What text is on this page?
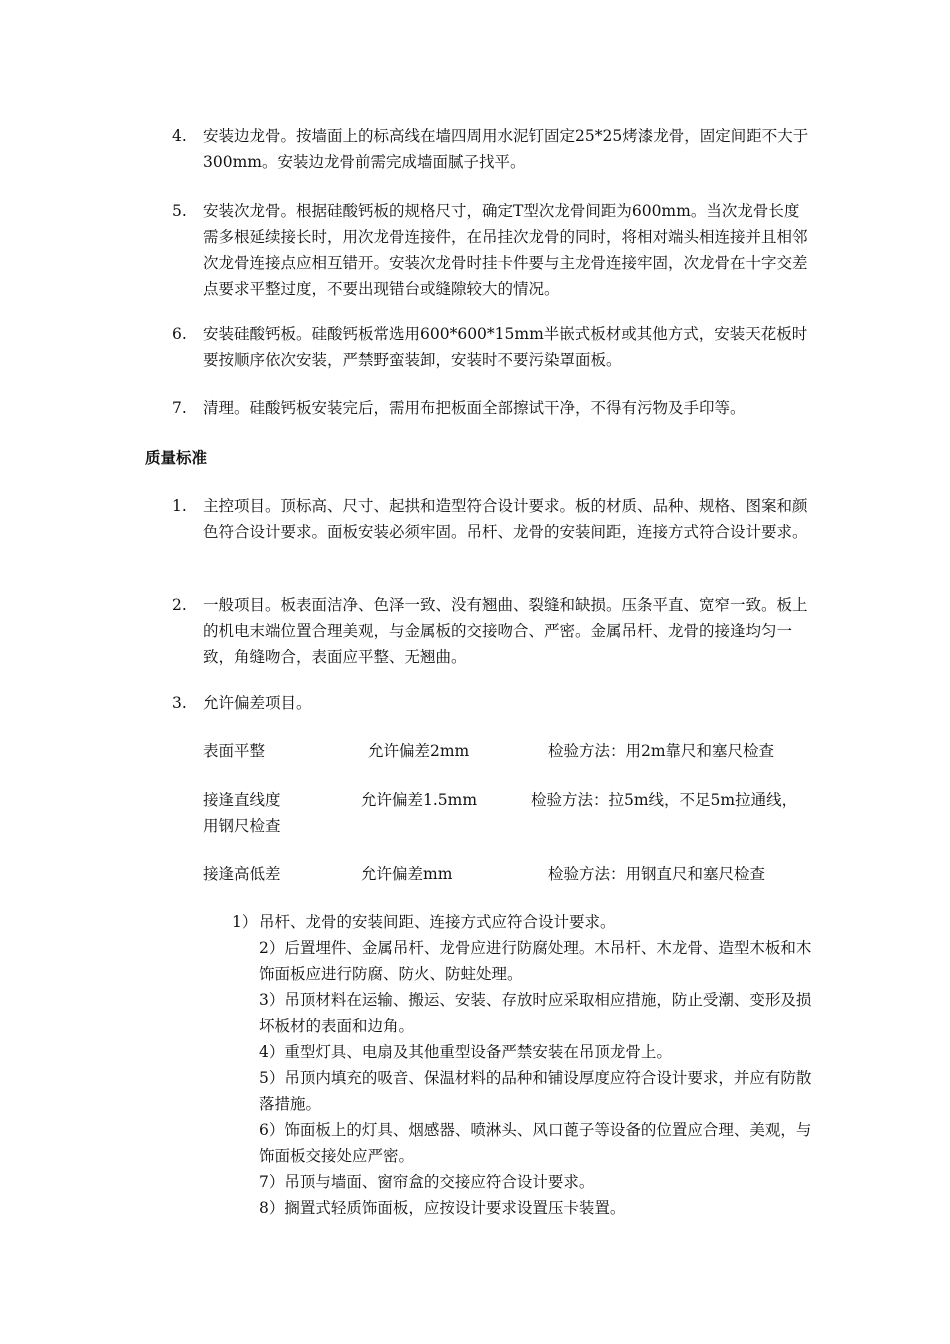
4.	安装边龙骨。按墙面上的标高线在墙四周用水泥钉固定25*25烤漆龙骨，固定间距不大于300mm。安装边龙骨前需完成墙面腻子找平。
5.	安装次龙骨。根据硅酸钙板的规格尺寸，确定T型次龙骨间距为600mm。当次龙骨长度需多根延续接长时，用次龙骨连接件，在吊挂次龙骨的同时，将相对端头相连接并且相邻次龙骨连接点应相互错开。安装次龙骨时挂卡件要与主龙骨连接牢固，次龙骨在十字交差点要求平整过度，不要出现错台或缝隙较大的情况。
6.	安装硅酸钙板。硅酸钙板常选用600*600*15mm半嵌式板材或其他方式，安装天花板时要按顺序依次安装，严禁野蛮装卸，安装时不要污染罩面板。
7.	清理。硅酸钙板安装完后，需用布把板面全部擦试干净，不得有污物及手印等。
质量标准
1.	主控项目。顶标高、尺寸、起拱和造型符合设计要求。板的材质、品种、规格、图案和颜色符合设计要求。面板安装必须牢固。吊杆、龙骨的安装间距，连接方式符合设计要求。
2.	一般项目。板表面洁净、色泽一致、没有翘曲、裂缝和缺损。压条平直、宽窄一致。板上的机电末端位置合理美观，与金属板的交接吻合、严密。金属吊杆、龙骨的接逢均匀一致，角缝吻合，表面应平整、无翘曲。
3.	允许偏差项目。
表面平整	允许偏差2mm	检验方法：用2m靠尺和塞尺检查
接逢直线度	允许偏差1.5mm	检验方法：拉5m线，不足5m拉通线，
用钢尺检查
接逢高低差	允许偏差mm	检验方法：用钢直尺和塞尺检查

1） 吊杆、龙骨的安装间距、连接方式应符合设计要求。

2）后置埋件、金属吊杆、龙骨应进行防腐处理。木吊杆、木龙骨、造型木板和木饰面板应进行防腐、防火、防蛀处理。

3）吊顶材料在运输、搬运、安装、存放时应采取相应措施，防止受潮、变形及损坏板材的表面和边角。

4）重型灯具、电扇及其他重型设备严禁安装在吊顶龙骨上。

5）吊顶内填充的吸音、保温材料的品种和铺设厚度应符合设计要求，并应有防散落措施。

6）饰面板上的灯具、烟感器、喷淋头、风口蓖子等设备的位置应合理、美观，与饰面板交接处应严密。

7）吊顶与墙面、窗帘盒的交接应符合设计要求。

8）搁置式轻质饰面板，应按设计要求设置压卡装置。
